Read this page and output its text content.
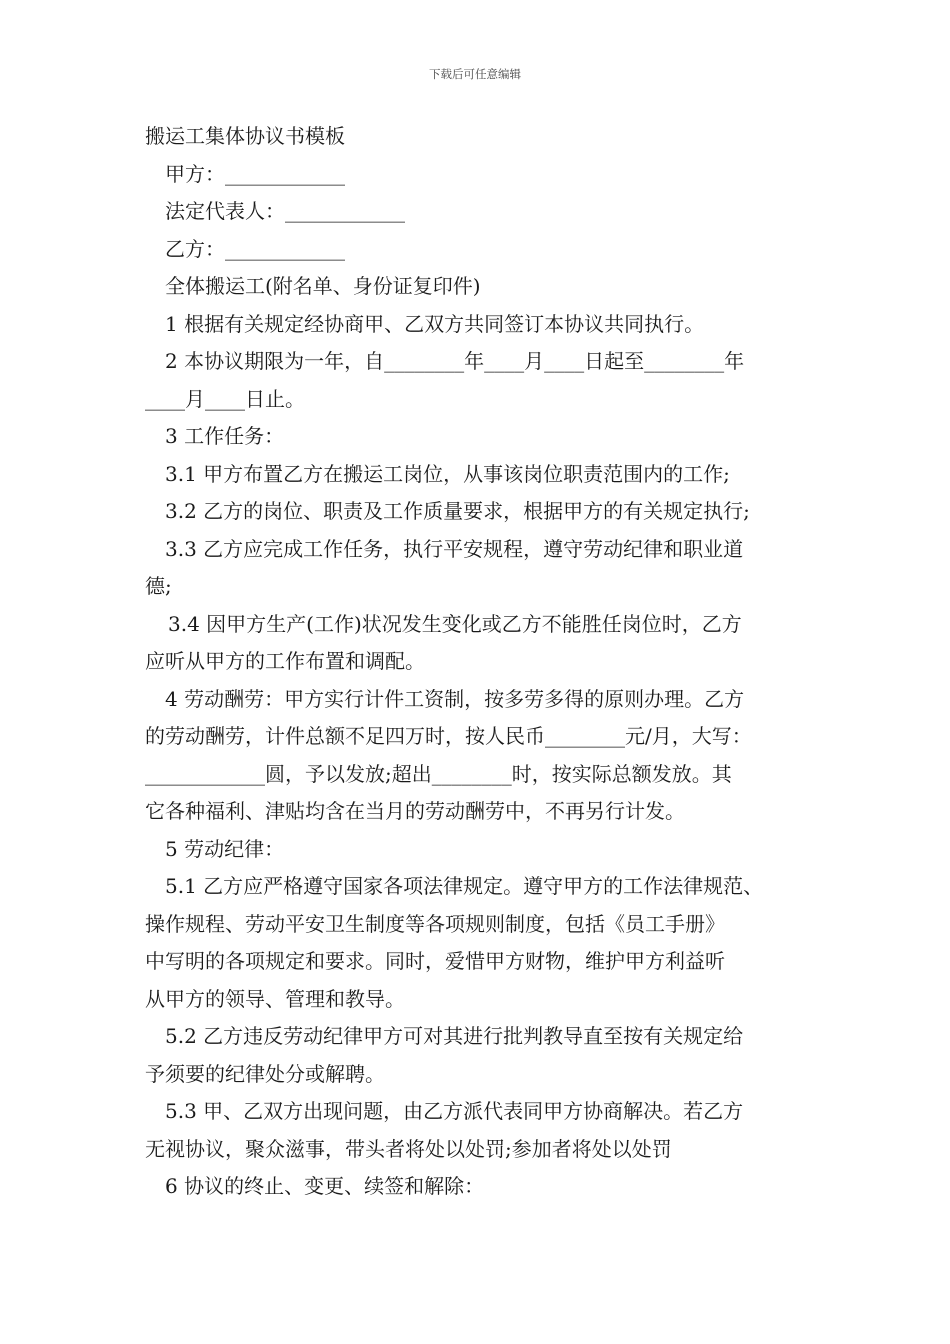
下载后可任意编辑

搬运工集体协议书模板

甲方：____________

法定代表人：____________

乙方：____________

全体搬运工(附名单、身份证复印件)

1 根据有关规定经协商甲、乙双方共同签订本协议共同执行。

2 本协议期限为一年，自________年____月____日起至________年

____月____日止。

3 工作任务：

3.1 甲方布置乙方在搬运工岗位，从事该岗位职责范围内的工作;

3.2 乙方的岗位、职责及工作质量要求，根据甲方的有关规定执行;

3.3 乙方应完成工作任务，执行平安规程，遵守劳动纪律和职业道

德;

3.4 因甲方生产(工作)状况发生变化或乙方不能胜任岗位时，乙方

应听从甲方的工作布置和调配。

4 劳动酬劳：甲方实行计件工资制，按多劳多得的原则办理。乙方

的劳动酬劳，计件总额不足四万时，按人民币________元/月，大写：

____________圆，予以发放;超出________时，按实际总额发放。其

它各种福利、津贴均含在当月的劳动酬劳中，不再另行计发。

5 劳动纪律：

5.1 乙方应严格遵守国家各项法律规定。遵守甲方的工作法律规范、

操作规程、劳动平安卫生制度等各项规则制度，包括《员工手册》

中写明的各项规定和要求。同时，爱惜甲方财物，维护甲方利益听

从甲方的领导、管理和教导。

5.2 乙方违反劳动纪律甲方可对其进行批判教导直至按有关规定给

予须要的纪律处分或解聘。

5.3 甲、乙双方出现问题，由乙方派代表同甲方协商解决。若乙方

无视协议，聚众滋事，带头者将处以处罚;参加者将处以处罚

6 协议的终止、变更、续签和解除：
